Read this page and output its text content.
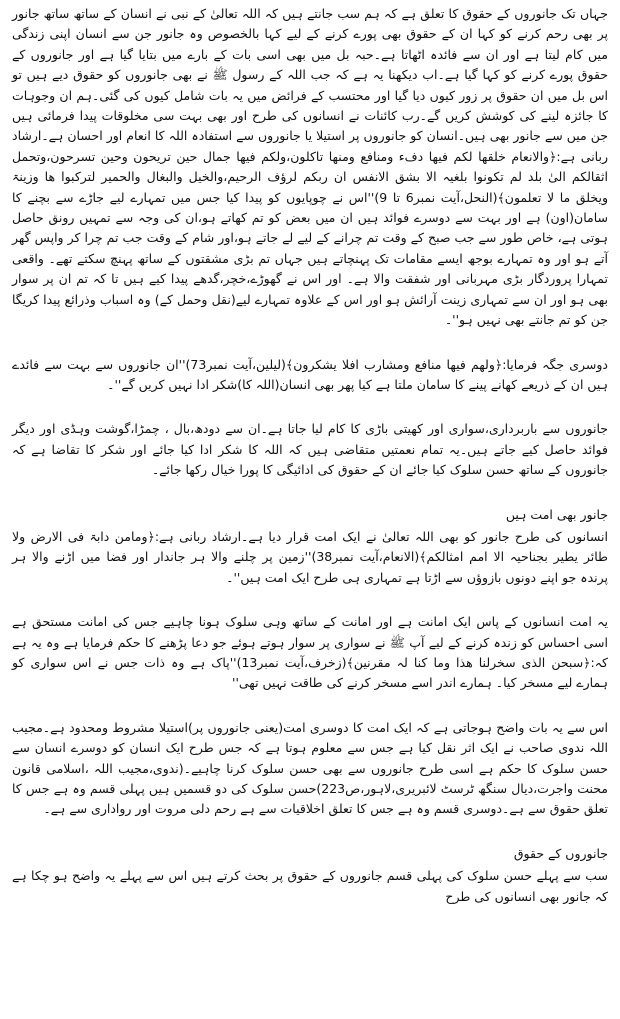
جہاں تک جانوروں کے حقوق کا تعلق ہے کہ ہم سب جانتے ہیں کہ اللہ تعالیٰ کے نبی نے انسان کے ساتھ ساتھ جانور پر بھی رحم کرنے کو کہا ان کے حقوق بھی پورے کرنے کے لیے کہا بالخصوص وہ جانور جن سے انسان اپنی زندگی میں کام لیتا ہے اور ان سے فائدہ اٹھاتا ہے۔حبہ بل میں بھی اسی بات کے بارے میں بتایا گیا ہے اور جانوروں کے حقوق پورے کرنے کو کہا گیا ہے۔اب دیکھنا یہ ہے کہ جب اللہ کے رسول ﷺ نے بھی جانوروں کو حقوق دیے ہیں تو اس بل میں ان حقوق پر زور کیوں دیا گیا اور محتسب کے فرائض میں یہ بات شامل کیوں کی گئی۔ہم ان وجوہات کا جائزہ لینے کی کوشش کریں گے۔رب کائنات نے انسانوں کی طرح اور بھی بہت سی مخلوقات پیدا فرمائی ہیں جن میں سے جانور بھی ہیں۔انسان کو جانوروں پر استیلا یا جانوروں سے استفادہ اللہ کا انعام اور احسان ہے۔ارشاد ربانی ہے:﴿والانعام خلقھا لکم فیھا دفء ومنافع ومنھا تاکلون،ولکم فیھا جمال حین تریحون وحین تسرحون،وتحمل اثقالکم الیٰ بلد لم تکونوا بلغیہ الا بشق الانفس ان ربکم لرؤف الرحیم،والخیل والبغال والحمیر لترکبوا ھا وزینۃ ویخلق ما لا تعلمون﴾(النحل،آیت نمبر6 تا 9)''اس نے چوپایوں کو پیدا کیا جس میں تمہارے لیے جاڑے سے بچنے کا سامان(اون) ہے اور بہت سے دوسرے فوائد ہیں ان میں بعض کو تم کھاتے ہو،ان کی وجہ سے تمہیں رونق حاصل ہوتی ہے، خاص طور سے جب صبح کے وقت تم چرانے کے لیے لے جاتے ہو،اور شام کے وقت جب تم چرا کر واپس گھر آتے ہو اور وہ تمہارے بوجھ ایسے مقامات تک پہنچاتے ہیں جہاں تم بڑی مشقتوں کے ساتھ پہنچ سکتے تھے۔ واقعی تمہارا پروردگار بڑی مہربانی اور شفقت والا ہے۔ اور اس نے گھوڑے،خچر،گدھے پیدا کیے ہیں تا کہ تم ان پر سوار بھی ہو اور ان سے تمہاری زینت آرائش ہو اور اس کے علاوہ تمہارے لیے(نقل وحمل کے) وہ اسباب وذرائع پیدا کریگا جن کو تم جانتے بھی نہیں ہو''۔

دوسری جگہ فرمایا:﴿ولھم فیھا منافع ومشارب افلا یشکرون﴾(لیلین،آیت نمبر73)''ان جانوروں سے بہت سے فائدے ہیں ان کے ذریعے کھانے پینے کا سامان ملتا ہے کیا پھر بھی انسان(اللہ کا)شکر ادا نہیں کریں گے''۔

جانوروں سے باربرداری،سواری اور کھیتی باڑی کا کام لیا جاتا ہے۔ان سے دودھ،بال ، چمڑا،گوشت وہڈی اور دیگر فوائد حاصل کیے جاتے ہیں۔یہ تمام نعمتیں متقاضی ہیں کہ اللہ کا شکر ادا کیا جائے اور شکر کا تقاضا ہے کہ جانوروں کے ساتھ حسن سلوک کیا جائے ان کے حقوق کی ادائیگی کا پورا خیال رکھا جائے۔

جانور بھی امت ہیں

انسانوں کی طرح جانور کو بھی اللہ تعالیٰ نے ایک امت قرار دیا ہے۔ارشاد ربانی ہے:﴿ومامن دابۃ فی الارض ولا طائر یطیر بجناحیہ الا امم امثالکم﴾(الانعام،آیت نمبر38)''زمین پر چلنے والا ہر جاندار اور فضا میں اڑنے والا ہر پرندہ جو اپنے دونوں بازوؤں سے اڑتا ہے تمہاری ہی طرح ایک امت ہیں''۔

یہ امت انسانوں کے پاس ایک امانت ہے اور امانت کے ساتھ وہی سلوک ہونا چاہیے جس کی امانت مستحق ہے اسی احساس کو زندہ کرنے کے لیے آپ ﷺ نے سواری پر سوار ہوتے ہوئے جو دعا پڑھنے کا حکم فرمایا ہے وہ یہ ہے کہ:﴿سبحن الذی سخرلنا ھذا وما کنا لہ مقرنین﴾(زخرف،آیت نمبر13)''پاک ہے وہ ذات جس نے اس سواری کو ہمارے لیے مسخر کیا۔ ہمارے اندر اسے مسخر کرنے کی طاقت نہیں تھی''

اس سے یہ بات واضح ہوجاتی ہے کہ ایک امت کا دوسری امت(یعنی جانوروں پر)استیلا مشروط ومحدود ہے۔مجیب اللہ ندوی صاحب نے ایک اثر نقل کیا ہے جس سے معلوم ہوتا ہے کہ جس طرح ایک انسان کو دوسرے انسان سے حسن سلوک کا حکم ہے اسی طرح جانوروں سے بھی حسن سلوک کرنا چاہیے۔(ندوی،مجیب اللہ ،اسلامی قانون محنت واجرت،دیال سنگھ ٹرسٹ لائبریری،لاہور،ص223)حسن سلوک کی دو قسمیں ہیں پہلی قسم وہ ہے جس کا تعلق حقوق سے ہے۔دوسری قسم وہ ہے جس کا تعلق اخلاقیات سے ہے رحم دلی مروت اور رواداری سے ہے۔

جانوروں کے حقوق

سب سے پہلے حسن سلوک کی پہلی قسم جانوروں کے حقوق پر بحث کرتے ہیں اس سے پہلے یہ واضح ہو چکا ہے کہ جانور بھی انسانوں کی طرح
